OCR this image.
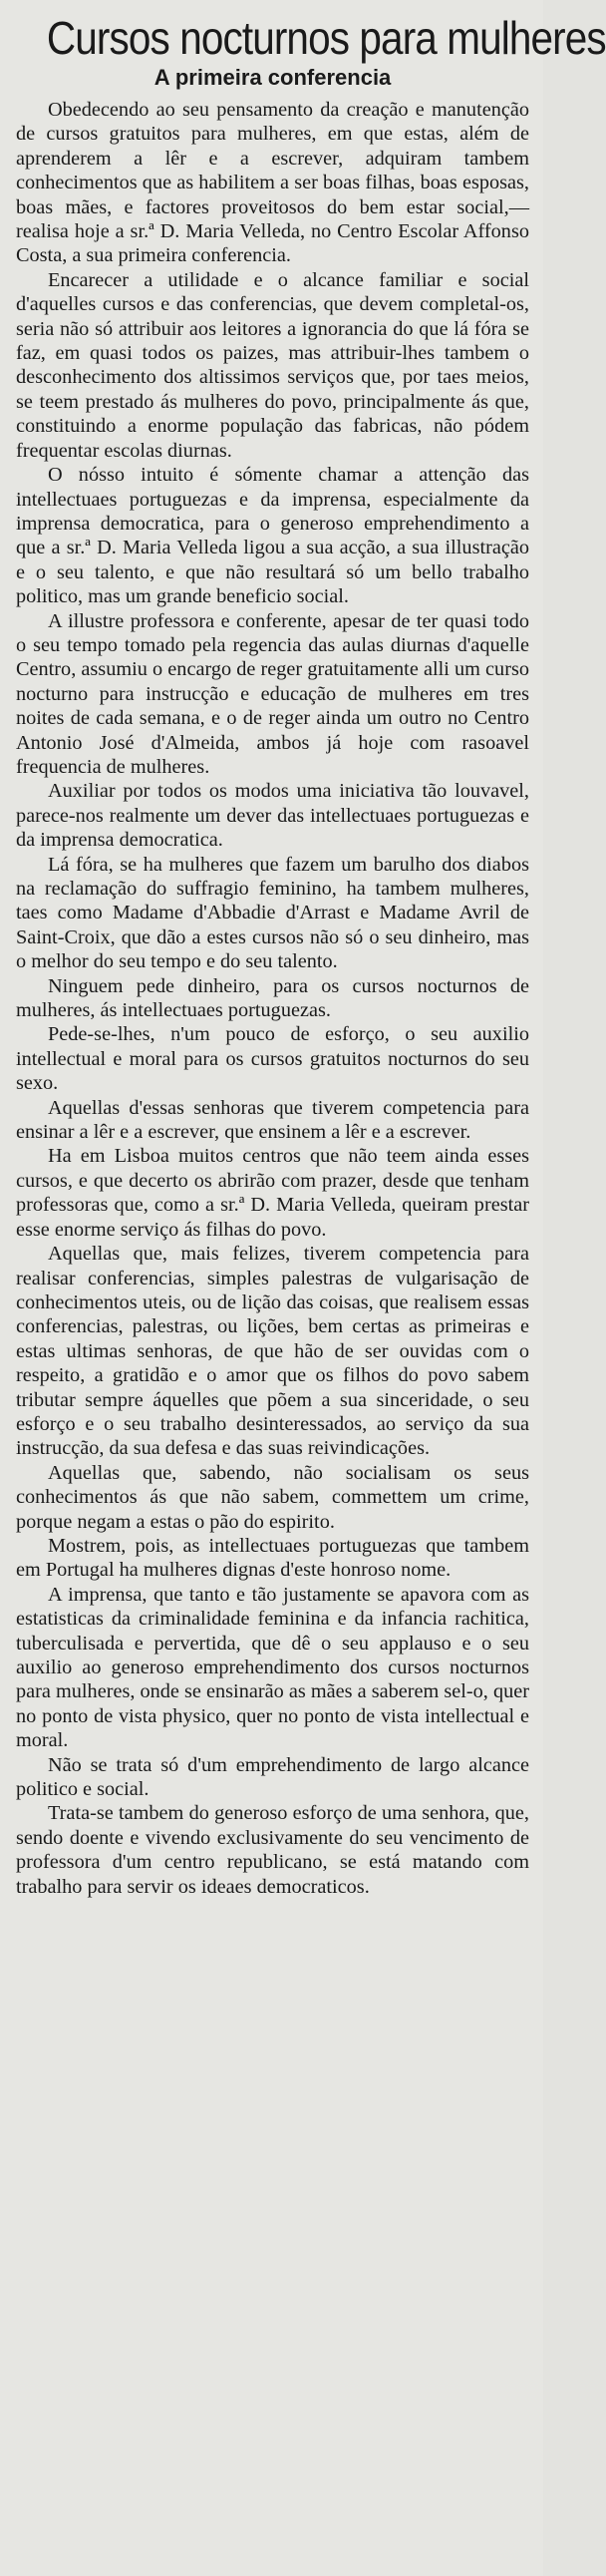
Cursos nocturnos para mulheres
A primeira conferencia

Obedecendo ao seu pensamento da creação e manutenção de cursos gratuitos para mulheres, em que estas, além de aprenderem a lêr e a escrever, adquiram tambem conhecimentos que as habilitem a ser boas filhas, boas esposas, boas mães, e factores proveitosos do bem estar social,— realisa hoje a sr.ª D. Maria Velleda, no Centro Escolar Affonso Costa, a sua primeira conferencia.

Encarecer a utilidade e o alcance familiar e social d'aquelles cursos e das conferencias, que devem completal-os, seria não só attribuir aos leitores a ignorancia do que lá fóra se faz, em quasi todos os paizes, mas attribuir-lhes tambem o desconhecimento dos altissimos serviços que, por taes meios, se teem prestado ás mulheres do povo, principalmente ás que, constituindo a enorme população das fabricas, não pódem frequentar escolas diurnas.

O nósso intuito é sómente chamar a attenção das intellectuaes portuguezas e da imprensa, especialmente da imprensa democratica, para o generoso emprehendimento a que a sr.ª D. Maria Velleda ligou a sua acção, a sua illustração e o seu talento, e que não resultará só um bello trabalho politico, mas um grande beneficio social.

A illustre professora e conferente, apesar de ter quasi todo o seu tempo tomado pela regencia das aulas diurnas d'aquelle Centro, assumiu o encargo de reger gratuitamente alli um curso nocturno para instrucção e educação de mulheres em tres noites de cada semana, e o de reger ainda um outro no Centro Antonio José d'Almeida, ambos já hoje com rasoavel frequencia de mulheres.

Auxiliar por todos os modos uma iniciativa tão louvavel, parece-nos realmente um dever das intellectuaes portuguezas e da imprensa democratica.

Lá fóra, se ha mulheres que fazem um barulho dos diabos na reclamação do suffragio feminino, ha tambem mulheres, taes como Madame d'Abbadie d'Arrast e Madame Avril de Saint-Croix, que dão a estes cursos não só o seu dinheiro, mas o melhor do seu tempo e do seu talento.

Ninguem pede dinheiro, para os cursos nocturnos de mulheres, ás intellectuaes portuguezas.

Pede-se-lhes, n'um pouco de esforço, o seu auxilio intellectual e moral para os cursos gratuitos nocturnos do seu sexo.

Aquellas d'essas senhoras que tiverem competencia para ensinar a lêr e a escrever, que ensinem a lêr e a escrever.

Ha em Lisboa muitos centros que não teem ainda esses cursos, e que decerto os abrirão com prazer, desde que tenham professoras que, como a sr.ª D. Maria Velleda, queiram prestar esse enorme serviço ás filhas do povo.

Aquellas que, mais felizes, tiverem competencia para realisar conferencias, simples palestras de vulgarisação de conhecimentos uteis, ou de lição das coisas, que realisem essas conferencias, palestras, ou lições, bem certas as primeiras e estas ultimas senhoras, de que hão de ser ouvidas com o respeito, a gratidão e o amor que os filhos do povo sabem tributar sempre áquelles que põem a sua sinceridade, o seu esforço e o seu trabalho desinteressados, ao serviço da sua instrucção, da sua defesa e das suas reivindicações.

Aquellas que, sabendo, não socialisam os seus conhecimentos ás que não sabem, commettem um crime, porque negam a estas o pão do espirito.

Mostrem, pois, as intellectuaes portuguezas que tambem em Portugal ha mulheres dignas d'este honroso nome.

A imprensa, que tanto e tão justamente se apavora com as estatisticas da criminalidade feminina e da infancia rachiticа, tuberculisada e pervertida, que dê o seu applauso e o seu auxilio ao generoso emprehendimento dos cursos nocturnos para mulheres, onde se ensinarão as mães a saberem sel-o, quer no ponto de vista physico, quer no ponto de vista intellectual e moral.

Não se trata só d'um emprehendimento de largo alcance politico e social.

Trata-se tambem do generoso esforço de uma senhora, que, sendo doente e vivendo exclusivamente do seu vencimento de professora d'um centro republicano, se está matando com trabalho para servir os ideaes democraticos.
